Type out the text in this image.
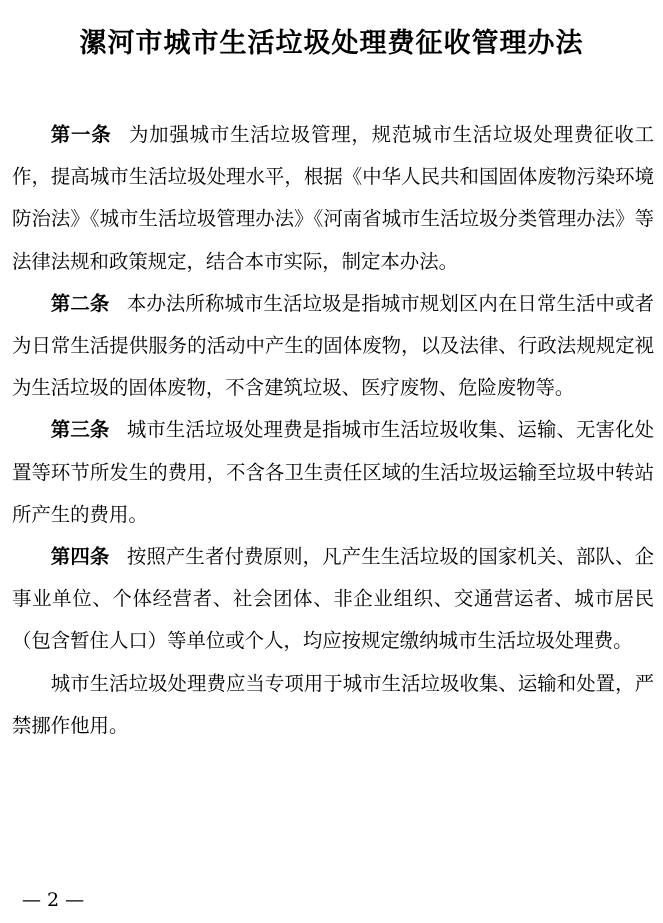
漯河市城市生活垃圾处理费征收管理办法

第一条 为加强城市生活垃圾管理，规范城市生活垃圾处理费征收工作，提高城市生活垃圾处理水平，根据《中华人民共和国固体废物污染环境防治法》《城市生活垃圾管理办法》《河南省城市生活垃圾分类管理办法》等法律法规和政策规定，结合本市实际，制定本办法。

第二条 本办法所称城市生活垃圾是指城市规划区内在日常生活中或者为日常生活提供服务的活动中产生的固体废物，以及法律、行政法规规定视为生活垃圾的固体废物，不含建筑垃圾、医疗废物、危险废物等。

第三条 城市生活垃圾处理费是指城市生活垃圾收集、运输、无害化处置等环节所发生的费用，不含各卫生责任区域的生活垃圾运输至垃圾中转站所产生的费用。

第四条 按照产生者付费原则，凡产生生活垃圾的国家机关、部队、企事业单位、个体经营者、社会团体、非企业组织、交通营运者、城市居民（包含暂住人口）等单位或个人，均应按规定缴纳城市生活垃圾处理费。

城市生活垃圾处理费应当专项用于城市生活垃圾收集、运输和处置，严禁挪作他用。

— 2 —
